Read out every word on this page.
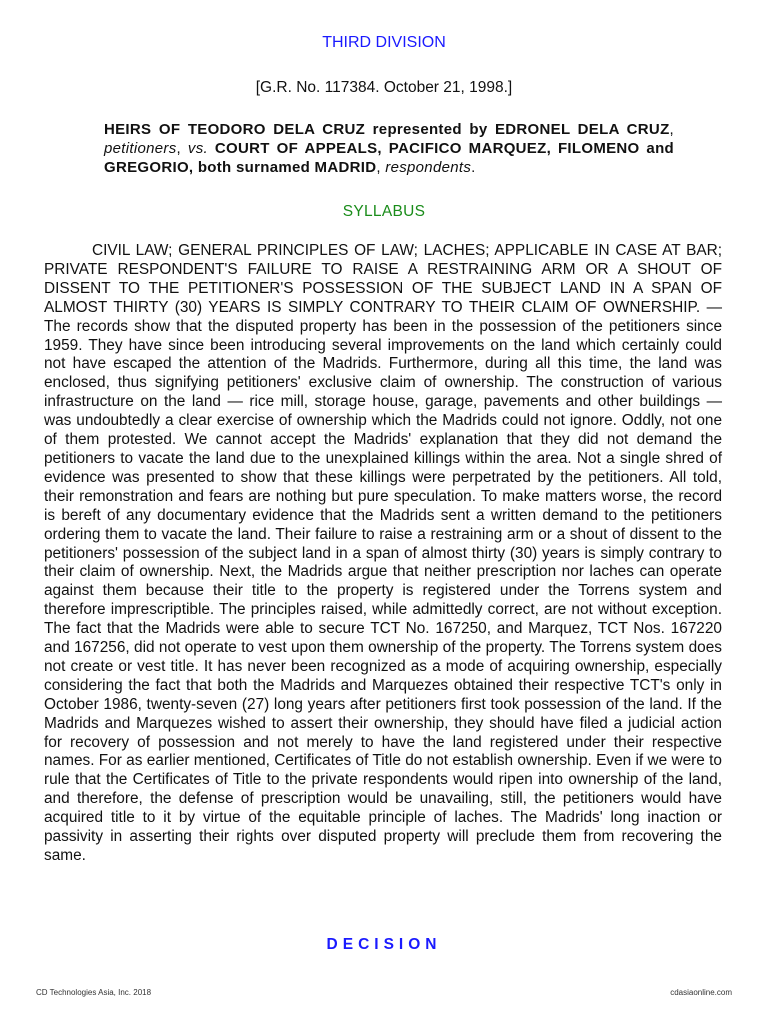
THIRD DIVISION
[G.R. No. 117384. October 21, 1998.]
HEIRS OF TEODORO DELA CRUZ represented by EDRONEL DELA CRUZ, petitioners, vs. COURT OF APPEALS, PACIFICO MARQUEZ, FILOMENO and GREGORIO, both surnamed MADRID, respondents.
SYLLABUS

CIVIL LAW; GENERAL PRINCIPLES OF LAW; LACHES; APPLICABLE IN CASE AT BAR; PRIVATE RESPONDENT'S FAILURE TO RAISE A RESTRAINING ARM OR A SHOUT OF DISSENT TO THE PETITIONER'S POSSESSION OF THE SUBJECT LAND IN A SPAN OF ALMOST THIRTY (30) YEARS IS SIMPLY CONTRARY TO THEIR CLAIM OF OWNERSHIP. — The records show that the disputed property has been in the possession of the petitioners since 1959. They have since been introducing several improvements on the land which certainly could not have escaped the attention of the Madrids. Furthermore, during all this time, the land was enclosed, thus signifying petitioners' exclusive claim of ownership. The construction of various infrastructure on the land — rice mill, storage house, garage, pavements and other buildings — was undoubtedly a clear exercise of ownership which the Madrids could not ignore. Oddly, not one of them protested. We cannot accept the Madrids' explanation that they did not demand the petitioners to vacate the land due to the unexplained killings within the area. Not a single shred of evidence was presented to show that these killings were perpetrated by the petitioners. All told, their remonstration and fears are nothing but pure speculation. To make matters worse, the record is bereft of any documentary evidence that the Madrids sent a written demand to the petitioners ordering them to vacate the land. Their failure to raise a restraining arm or a shout of dissent to the petitioners' possession of the subject land in a span of almost thirty (30) years is simply contrary to their claim of ownership. Next, the Madrids argue that neither prescription nor laches can operate against them because their title to the property is registered under the Torrens system and therefore imprescriptible. The principles raised, while admittedly correct, are not without exception. The fact that the Madrids were able to secure TCT No. 167250, and Marquez, TCT Nos. 167220 and 167256, did not operate to vest upon them ownership of the property. The Torrens system does not create or vest title. It has never been recognized as a mode of acquiring ownership, especially considering the fact that both the Madrids and Marquezes obtained their respective TCT's only in October 1986, twenty-seven (27) long years after petitioners first took possession of the land. If the Madrids and Marquezes wished to assert their ownership, they should have filed a judicial action for recovery of possession and not merely to have the land registered under their respective names. For as earlier mentioned, Certificates of Title do not establish ownership. Even if we were to rule that the Certificates of Title to the private respondents would ripen into ownership of the land, and therefore, the defense of prescription would be unavailing, still, the petitioners would have acquired title to it by virtue of the equitable principle of laches. The Madrids' long inaction or passivity in asserting their rights over disputed property will preclude them from recovering the same.

DECISION
CD Technologies Asia, Inc. 2018	cdasiaonline.com
